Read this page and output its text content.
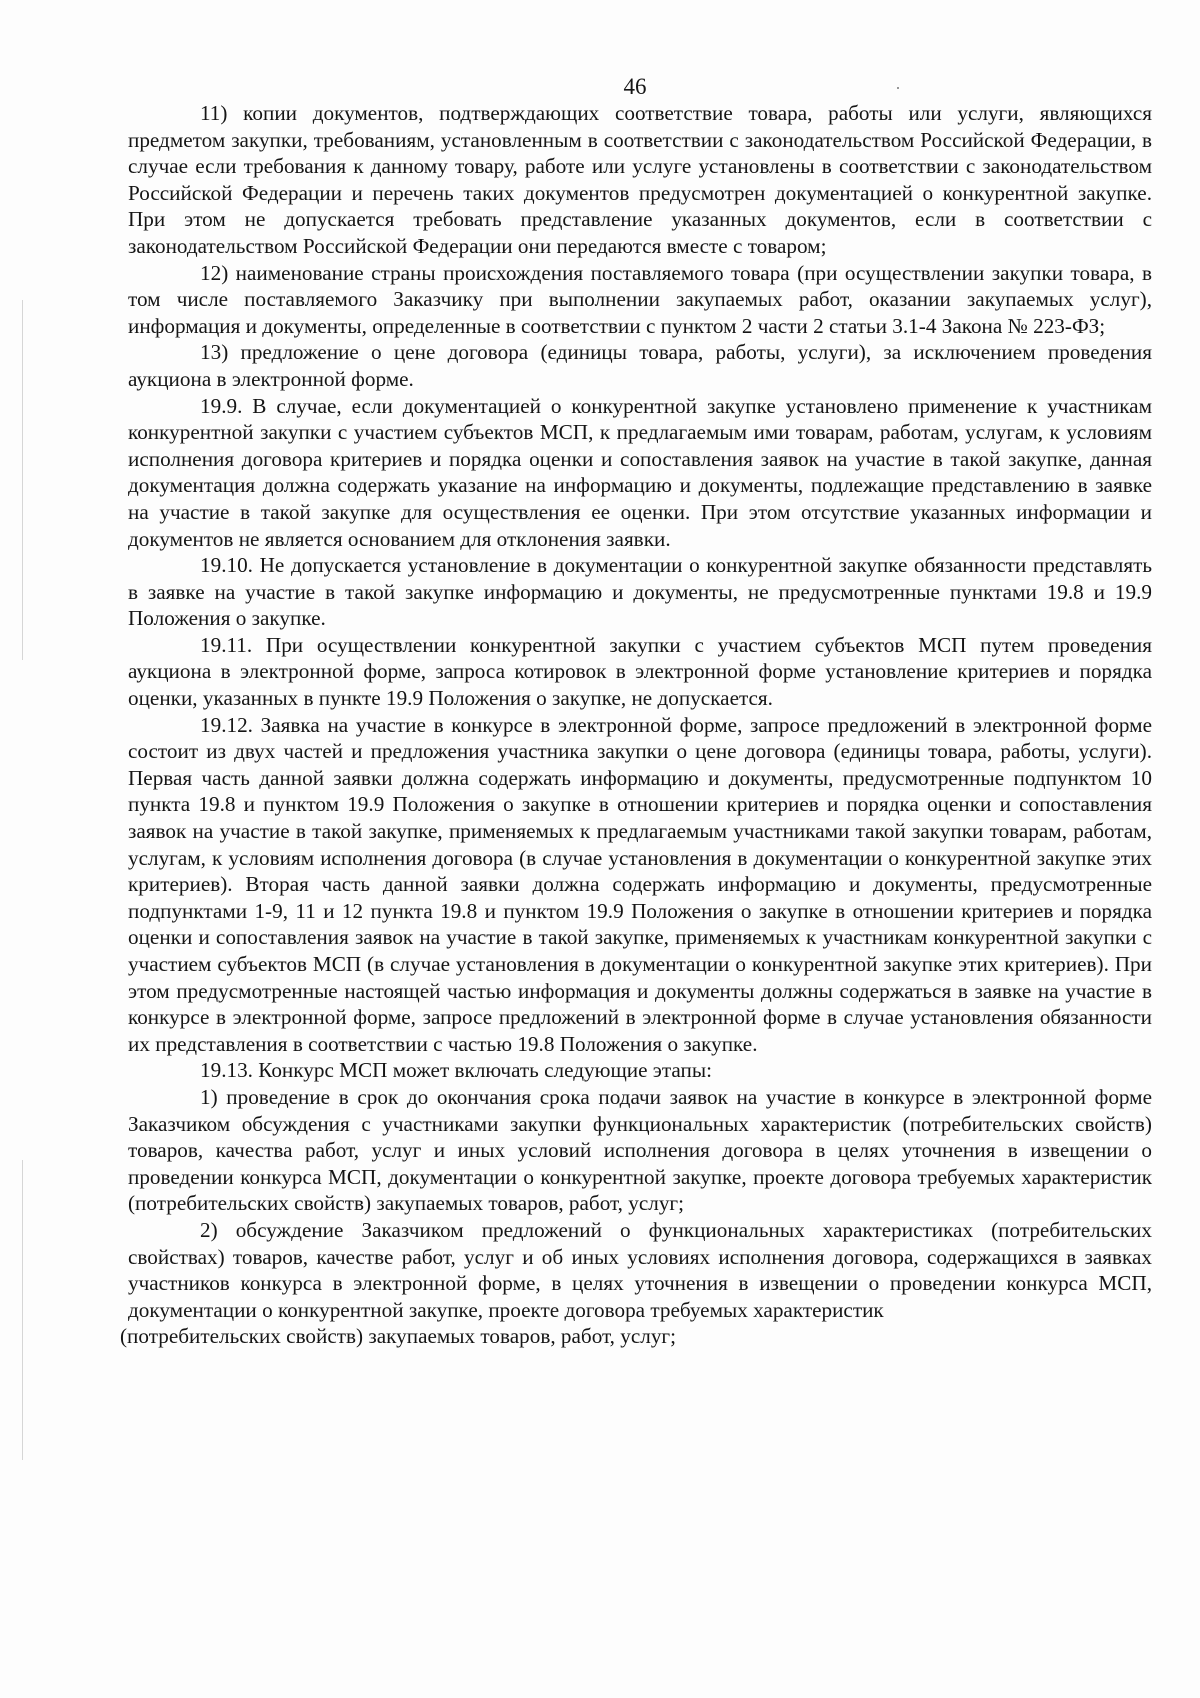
46

11) копии документов, подтверждающих соответствие товара, работы или услуги, являющихся предметом закупки, требованиям, установленным в соответствии с законодательством Российской Федерации, в случае если требования к данному товару, работе или услуге установлены в соответствии с законодательством Российской Федерации и перечень таких документов предусмотрен документацией о конкурентной закупке. При этом не допускается требовать представление указанных документов, если в соответствии с законодательством Российской Федерации они передаются вместе с товаром;

12) наименование страны происхождения поставляемого товара (при осуществлении закупки товара, в том числе поставляемого Заказчику при выполнении закупаемых работ, оказании закупаемых услуг), информация и документы, определенные в соответствии с пунктом 2 части 2 статьи 3.1-4 Закона № 223-ФЗ;

13) предложение о цене договора (единицы товара, работы, услуги), за исключением проведения аукциона в электронной форме.

19.9. В случае, если документацией о конкурентной закупке установлено применение к участникам конкурентной закупки с участием субъектов МСП, к предлагаемым ими товарам, работам, услугам, к условиям исполнения договора критериев и порядка оценки и сопоставления заявок на участие в такой закупке, данная документация должна содержать указание на информацию и документы, подлежащие представлению в заявке на участие в такой закупке для осуществления ее оценки. При этом отсутствие указанных информации и документов не является основанием для отклонения заявки.

19.10. Не допускается установление в документации о конкурентной закупке обязанности представлять в заявке на участие в такой закупке информацию и документы, не предусмотренные пунктами 19.8 и 19.9 Положения о закупке.

19.11. При осуществлении конкурентной закупки с участием субъектов МСП путем проведения аукциона в электронной форме, запроса котировок в электронной форме установление критериев и порядка оценки, указанных в пункте 19.9 Положения о закупке, не допускается.

19.12. Заявка на участие в конкурсе в электронной форме, запросе предложений в электронной форме состоит из двух частей и предложения участника закупки о цене договора (единицы товара, работы, услуги). Первая часть данной заявки должна содержать информацию и документы, предусмотренные подпунктом 10 пункта 19.8 и пунктом 19.9 Положения о закупке в отношении критериев и порядка оценки и сопоставления заявок на участие в такой закупке, применяемых к предлагаемым участниками такой закупки товарам, работам, услугам, к условиям исполнения договора (в случае установления в документации о конкурентной закупке этих критериев). Вторая часть данной заявки должна содержать информацию и документы, предусмотренные подпунктами 1-9, 11 и 12 пункта 19.8 и пунктом 19.9 Положения о закупке в отношении критериев и порядка оценки и сопоставления заявок на участие в такой закупке, применяемых к участникам конкурентной закупки с участием субъектов МСП (в случае установления в документации о конкурентной закупке этих критериев). При этом предусмотренные настоящей частью информация и документы должны содержаться в заявке на участие в конкурсе в электронной форме, запросе предложений в электронной форме в случае установления обязанности их представления в соответствии с частью 19.8 Положения о закупке.

19.13. Конкурс МСП может включать следующие этапы:

1) проведение в срок до окончания срока подачи заявок на участие в конкурсе в электронной форме Заказчиком обсуждения с участниками закупки функциональных характеристик (потребительских свойств) товаров, качества работ, услуг и иных условий исполнения договора в целях уточнения в извещении о проведении конкурса МСП, документации о конкурентной закупке, проекте договора требуемых характеристик (потребительских свойств) закупаемых товаров, работ, услуг;

2) обсуждение Заказчиком предложений о функциональных характеристиках (потребительских свойствах) товаров, качестве работ, услуг и об иных условиях исполнения договора, содержащихся в заявках участников конкурса в электронной форме, в целях уточнения в извещении о проведении конкурса МСП, документации о конкурентной закупке, проекте договора требуемых характеристик

(потребительских свойств) закупаемых товаров, работ, услуг;
